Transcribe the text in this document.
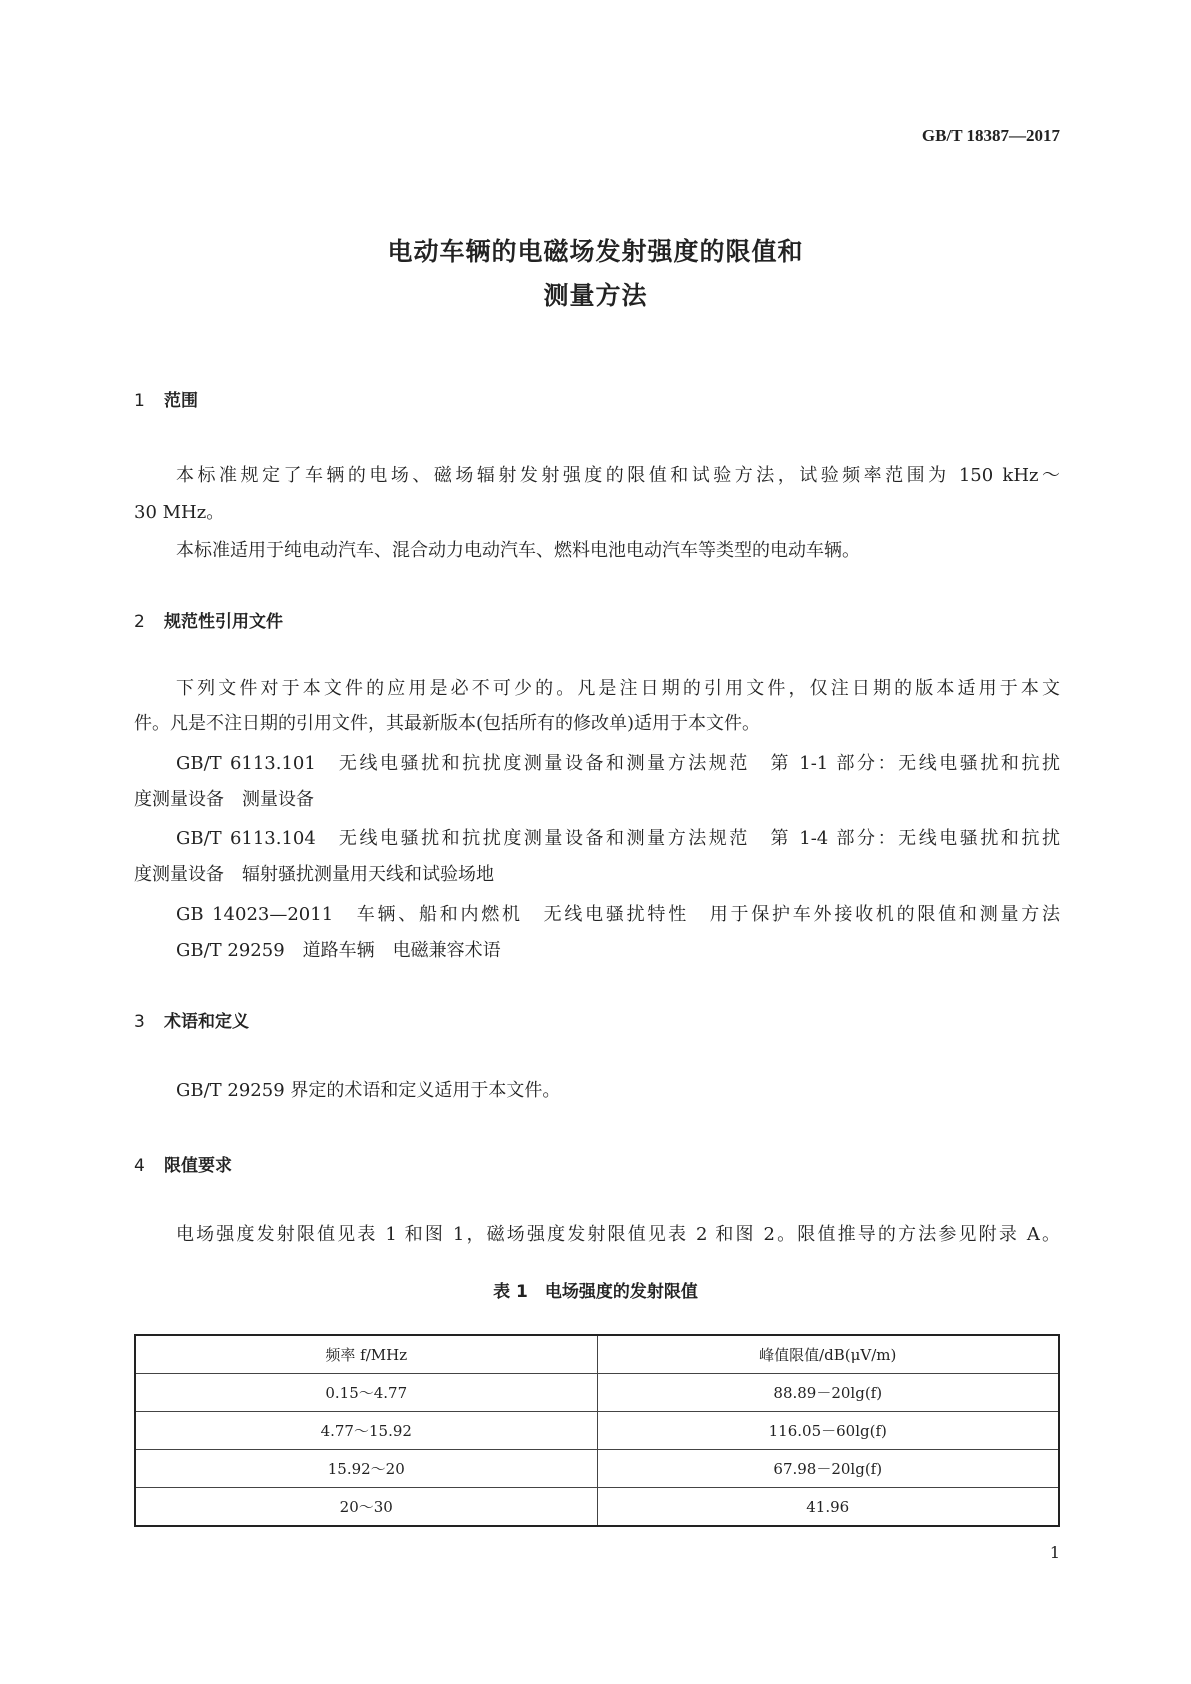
GB/T 18387—2017
电动车辆的电磁场发射强度的限值和
测量方法
1 范围
本标准规定了车辆的电场、磁场辐射发射强度的限值和试验方法，试验频率范围为 150 kHz～
30 MHz。
本标准适用于纯电动汽车、混合动力电动汽车、燃料电池电动汽车等类型的电动车辆。
2 规范性引用文件
下列文件对于本文件的应用是必不可少的。凡是注日期的引用文件，仅注日期的版本适用于本文
件。凡是不注日期的引用文件，其最新版本(包括所有的修改单)适用于本文件。
GB/T 6113.101　无线电骚扰和抗扰度测量设备和测量方法规范　第 1-1 部分：无线电骚扰和抗扰
度测量设备　测量设备
GB/T 6113.104　无线电骚扰和抗扰度测量设备和测量方法规范　第 1-4 部分：无线电骚扰和抗扰
度测量设备　辐射骚扰测量用天线和试验场地
GB 14023—2011　车辆、船和内燃机　无线电骚扰特性　用于保护车外接收机的限值和测量方法
GB/T 29259　道路车辆　电磁兼容术语
3 术语和定义
GB/T 29259 界定的术语和定义适用于本文件。
4 限值要求
电场强度发射限值见表 1 和图 1，磁场强度发射限值见表 2 和图 2。限值推导的方法参见附录 A。
表 1　电场强度的发射限值
频率 f/MHz	峰值限值/dB(μV/m)
0.15～4.77	88.89－20lg(f)
4.77～15.92	116.05－60lg(f)
15.92～20	67.98－20lg(f)
20～30	41.96
1
